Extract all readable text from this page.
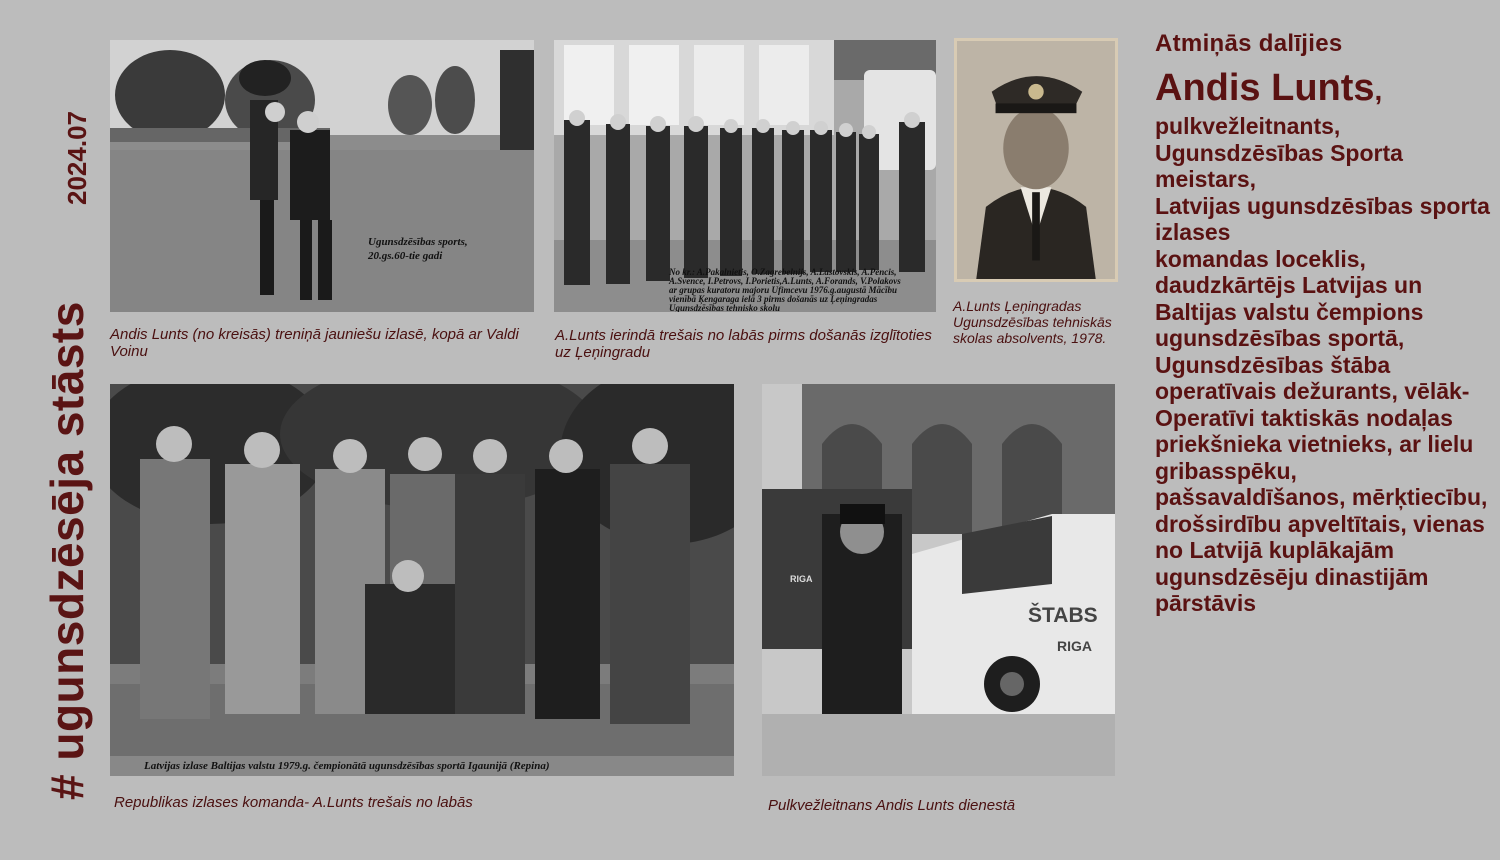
# ugunsdzēsēja stāsts
2024.07
Ugunsdzēsības sports,
20.gs.60-tie gadi
Andis Lunts (no kreisās) treniņā jauniešu izlasē, kopā ar Valdi Voinu
No kr.: A.Pakalnietis, O.Zagrebelnijs, A.Lastovskis, A.Pencis,
A.Svence, I.Petrovs, I.Porietis,A.Lunts, A.Forands, V.Polakovs
ar grupas kuratoru majoru Ufimcevu 1976.g.augustā Mācību
vienībā Ķengaraga ielā 3 pirms došanās uz Ļeņingradas
Ugunsdzēsības tehnisko skolu
A.Lunts ierindā trešais no labās pirms došanās izglītoties uz Ļeņingradu
A.Lunts Ļeņingradas Ugunsdzēsības tehniskās skolas absolvents, 1978.
Latvijas izlase Baltijas valstu 1979.g. čempionātā ugunsdzēsības sportā Igaunijā (Repina)
Republikas izlases komanda- A.Lunts trešais no labās
ŠTABS
RIGA
RIGA
Pulkvežleitnans Andis Lunts dienestā
Atmiņās dalījies
Andis Lunts,
pulkvežleitnants,
Ugunsdzēsības Sporta meistars,
Latvijas ugunsdzēsības sporta izlases
komandas loceklis, daudzkārtējs Latvijas un Baltijas valstu čempions ugunsdzēsības sportā, Ugunsdzēsības štāba operatīvais dežurants, vēlāk-
Operatīvi taktiskās nodaļas priekšnieka vietnieks, ar lielu gribasspēku, pašsavaldīšanos, mērķtiecību, drošsirdību apveltītais, vienas no Latvijā kuplākajām ugunsdzēsēju dinastijām pārstāvis
